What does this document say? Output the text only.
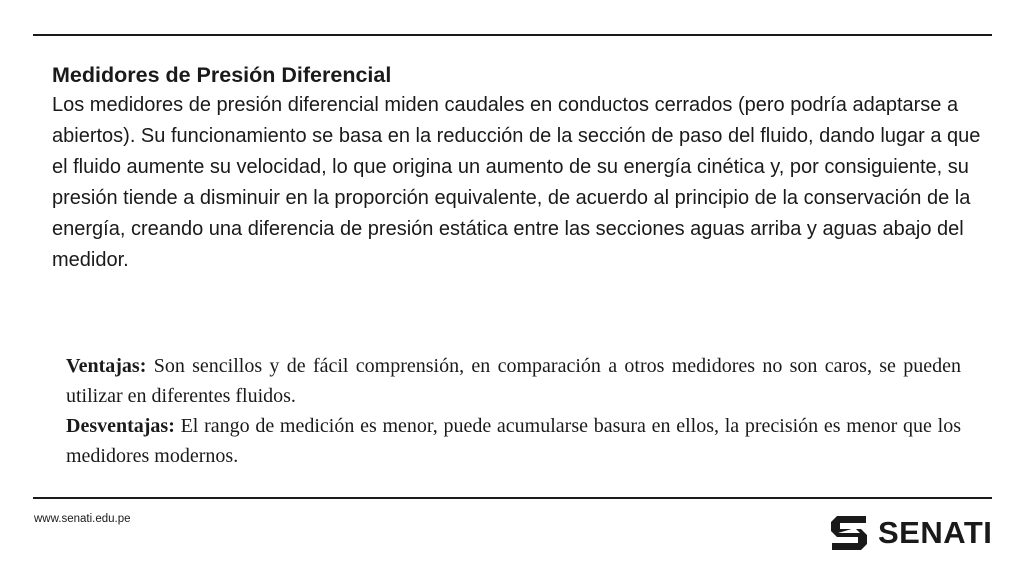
Medidores de Presión Diferencial

Los medidores de presión diferencial miden caudales en conductos cerrados (pero podría adaptarse a abiertos). Su funcionamiento se basa en la reducción de la sección de paso del fluido, dando lugar a que el fluido aumente su velocidad, lo que origina un aumento de su energía cinética y, por consiguiente, su presión tiende a disminuir en la proporción equivalente, de acuerdo al principio de la conservación de la energía, creando una diferencia de presión estática entre las secciones aguas arriba y aguas abajo del medidor.

Ventajas: Son sencillos y de fácil comprensión, en comparación a otros medidores no son caros, se pueden utilizar en diferentes fluidos.

Desventajas: El rango de medición es menor, puede acumularse basura en ellos, la precisión es menor que los medidores modernos.

www.senati.edu.pe	SENATI
